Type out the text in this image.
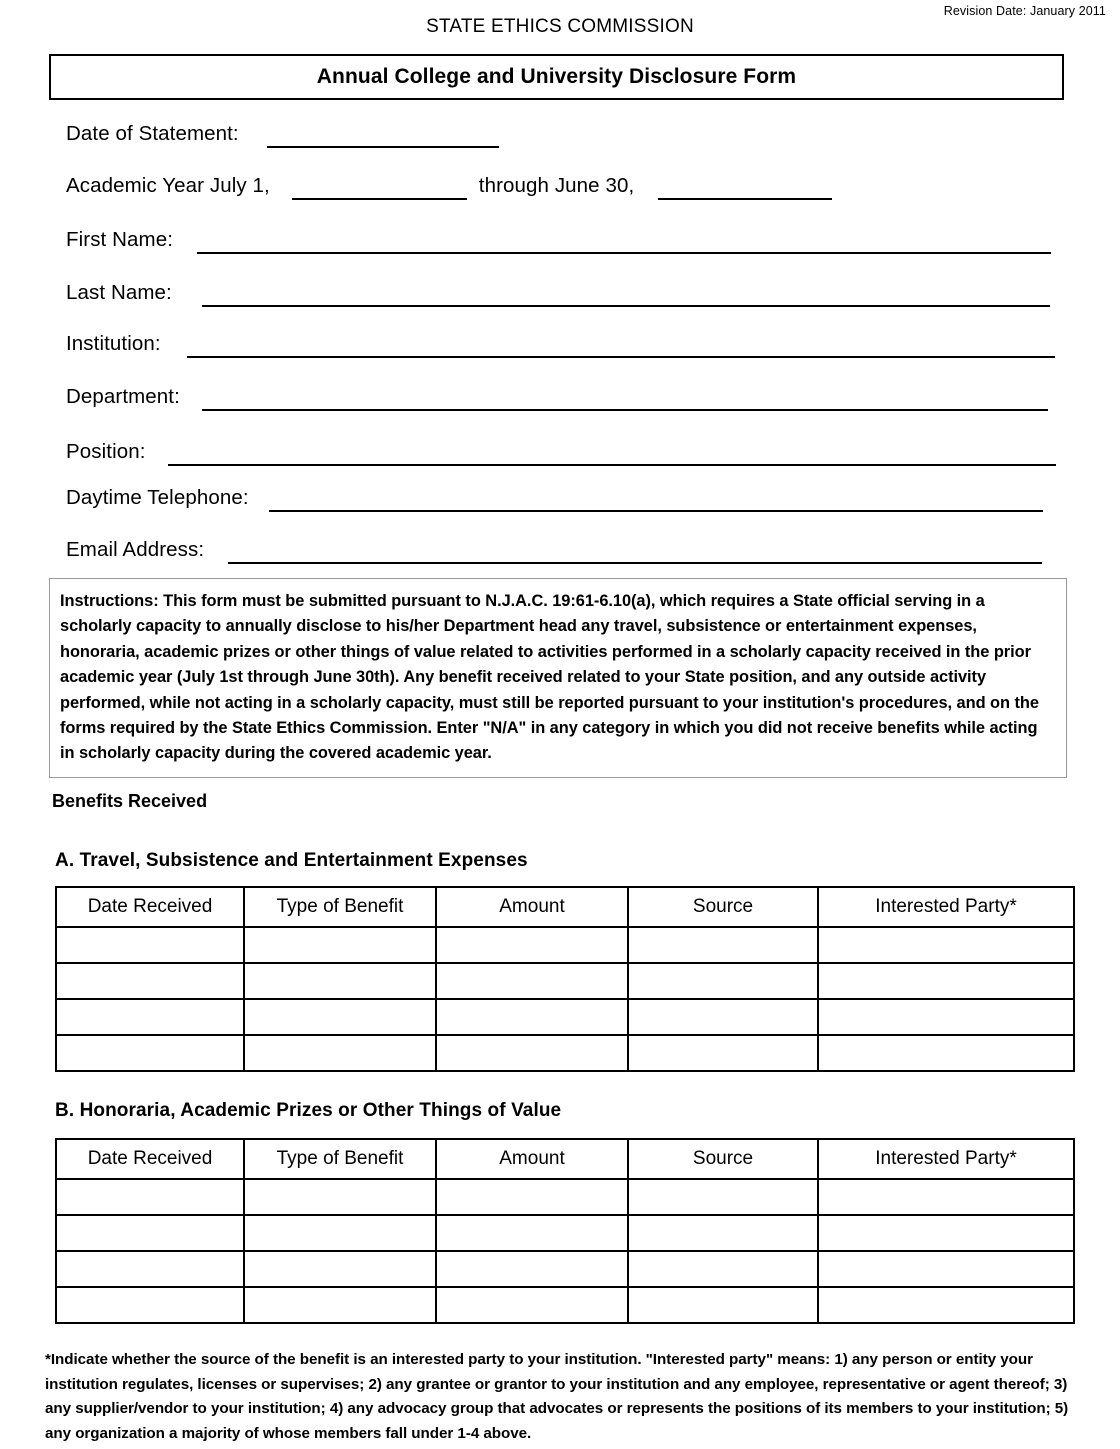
Revision Date: January 2011
STATE ETHICS COMMISSION
Annual College and University Disclosure Form
Date of Statement:
Academic Year July 1,	through June 30,
First Name:
Last Name:
Institution:
Department:
Position:
Daytime Telephone:
Email Address:
Instructions: This form must be submitted pursuant to N.J.A.C. 19:61-6.10(a), which requires a State official serving in a scholarly capacity to annually disclose to his/her Department head any travel, subsistence or entertainment expenses, honoraria, academic prizes or other things of value related to activities performed in a scholarly capacity received in the prior academic year (July 1st through June 30th). Any benefit received related to your State position, and any outside activity performed, while not acting in a scholarly capacity, must still be reported pursuant to your institution's procedures, and on the forms required by the State Ethics Commission. Enter "N/A" in any category in which you did not receive benefits while acting in scholarly capacity during the covered academic year.
Benefits Received
A. Travel, Subsistence and Entertainment Expenses
Date Received	Type of Benefit	Amount	Source	Interested Party*

B. Honoraria, Academic Prizes or Other Things of Value
Date Received	Type of Benefit	Amount	Source	Interested Party*

*Indicate whether the source of the benefit is an interested party to your institution. "Interested party" means: 1) any person or entity your institution regulates, licenses or supervises; 2) any grantee or grantor to your institution and any employee, representative or agent thereof; 3) any supplier/vendor to your institution; 4) any advocacy group that advocates or represents the positions of its members to your institution; 5) any organization a majority of whose members fall under 1-4 above.
